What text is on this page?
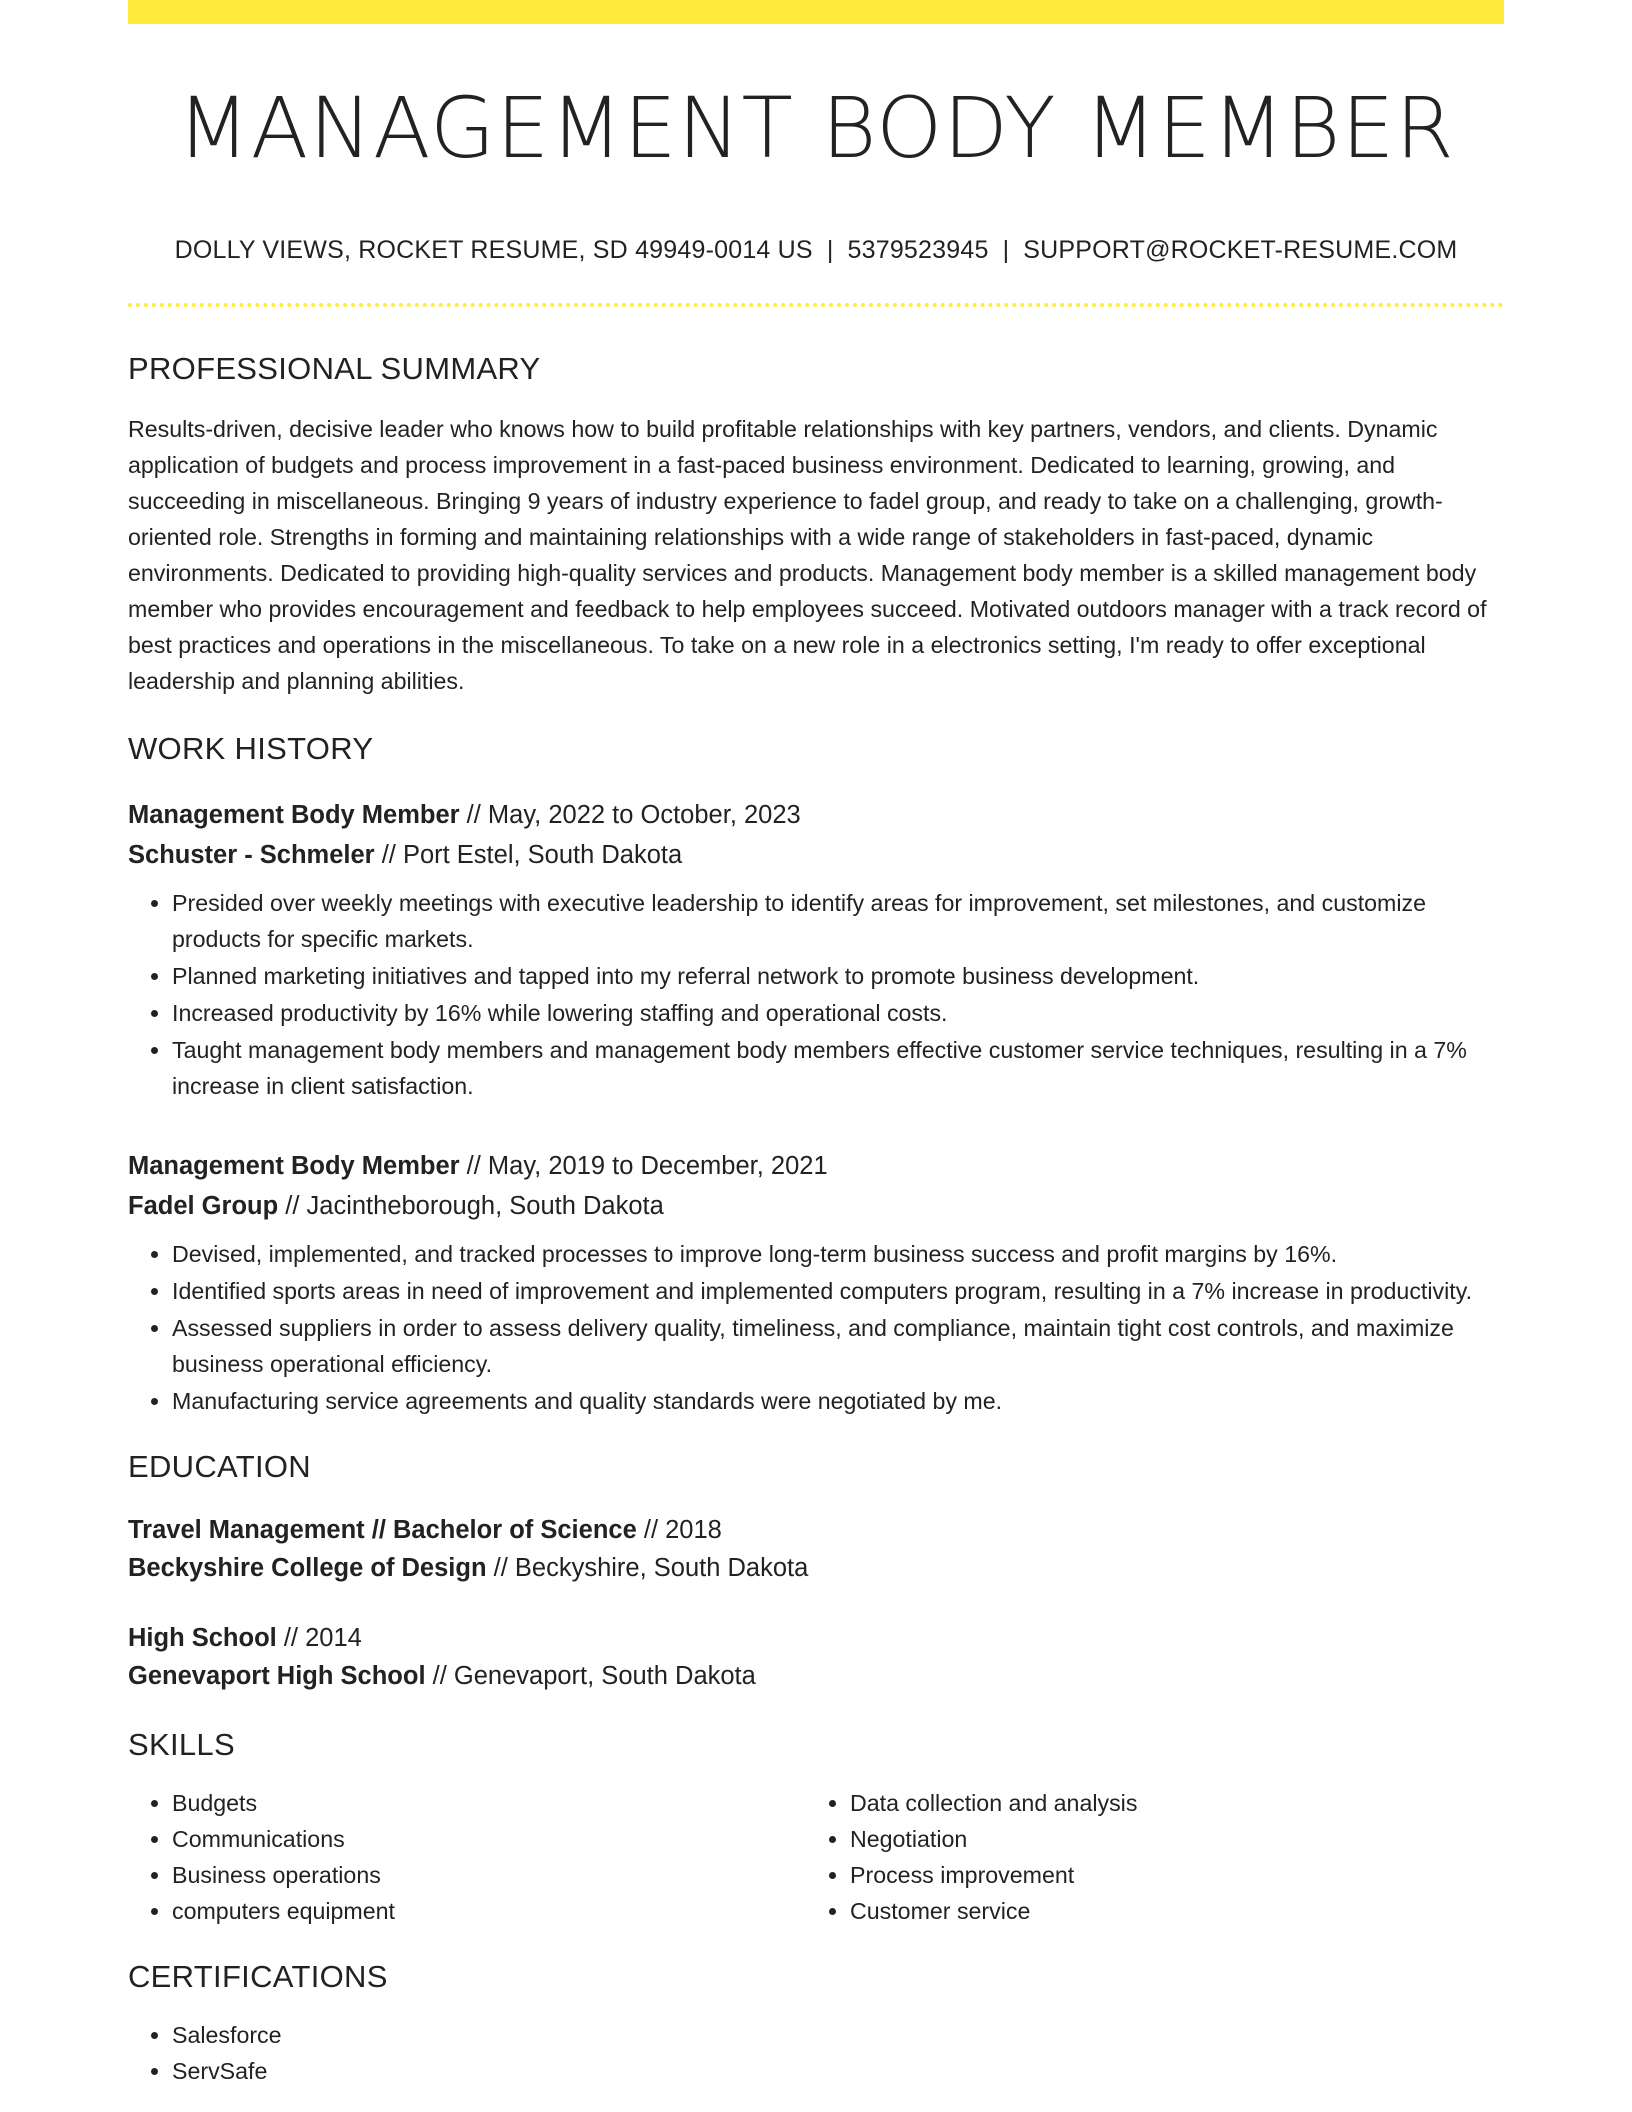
MANAGEMENT BODY MEMBER
DOLLY VIEWS, ROCKET RESUME, SD 49949-0014 US | 5379523945 | SUPPORT@ROCKET-RESUME.COM
PROFESSIONAL SUMMARY

Results-driven, decisive leader who knows how to build profitable relationships with key partners, vendors, and clients. Dynamic application of budgets and process improvement in a fast-paced business environment. Dedicated to learning, growing, and succeeding in miscellaneous. Bringing 9 years of industry experience to fadel group, and ready to take on a challenging, growth-oriented role. Strengths in forming and maintaining relationships with a wide range of stakeholders in fast-paced, dynamic environments. Dedicated to providing high-quality services and products. Management body member is a skilled management body member who provides encouragement and feedback to help employees succeed. Motivated outdoors manager with a track record of best practices and operations in the miscellaneous. To take on a new role in a electronics setting, I'm ready to offer exceptional leadership and planning abilities.

WORK HISTORY
Management Body Member // May, 2022 to October, 2023
Schuster - Schmeler // Port Estel, South Dakota
• Presided over weekly meetings with executive leadership to identify areas for improvement, set milestones, and customize products for specific markets.
• Planned marketing initiatives and tapped into my referral network to promote business development.
• Increased productivity by 16% while lowering staffing and operational costs.
• Taught management body members and management body members effective customer service techniques, resulting in a 7% increase in client satisfaction.
Management Body Member // May, 2019 to December, 2021
Fadel Group // Jacintheborough, South Dakota
• Devised, implemented, and tracked processes to improve long-term business success and profit margins by 16%.
• Identified sports areas in need of improvement and implemented computers program, resulting in a 7% increase in productivity.
• Assessed suppliers in order to assess delivery quality, timeliness, and compliance, maintain tight cost controls, and maximize business operational efficiency.
• Manufacturing service agreements and quality standards were negotiated by me.
EDUCATION
Travel Management // Bachelor of Science // 2018
Beckyshire College of Design // Beckyshire, South Dakota
High School // 2014
Genevaport High School // Genevaport, South Dakota
SKILLS
• Budgets
• Communications
• Business operations
• computers equipment
• Data collection and analysis
• Negotiation
• Process improvement
• Customer service
CERTIFICATIONS
• Salesforce
• ServSafe
